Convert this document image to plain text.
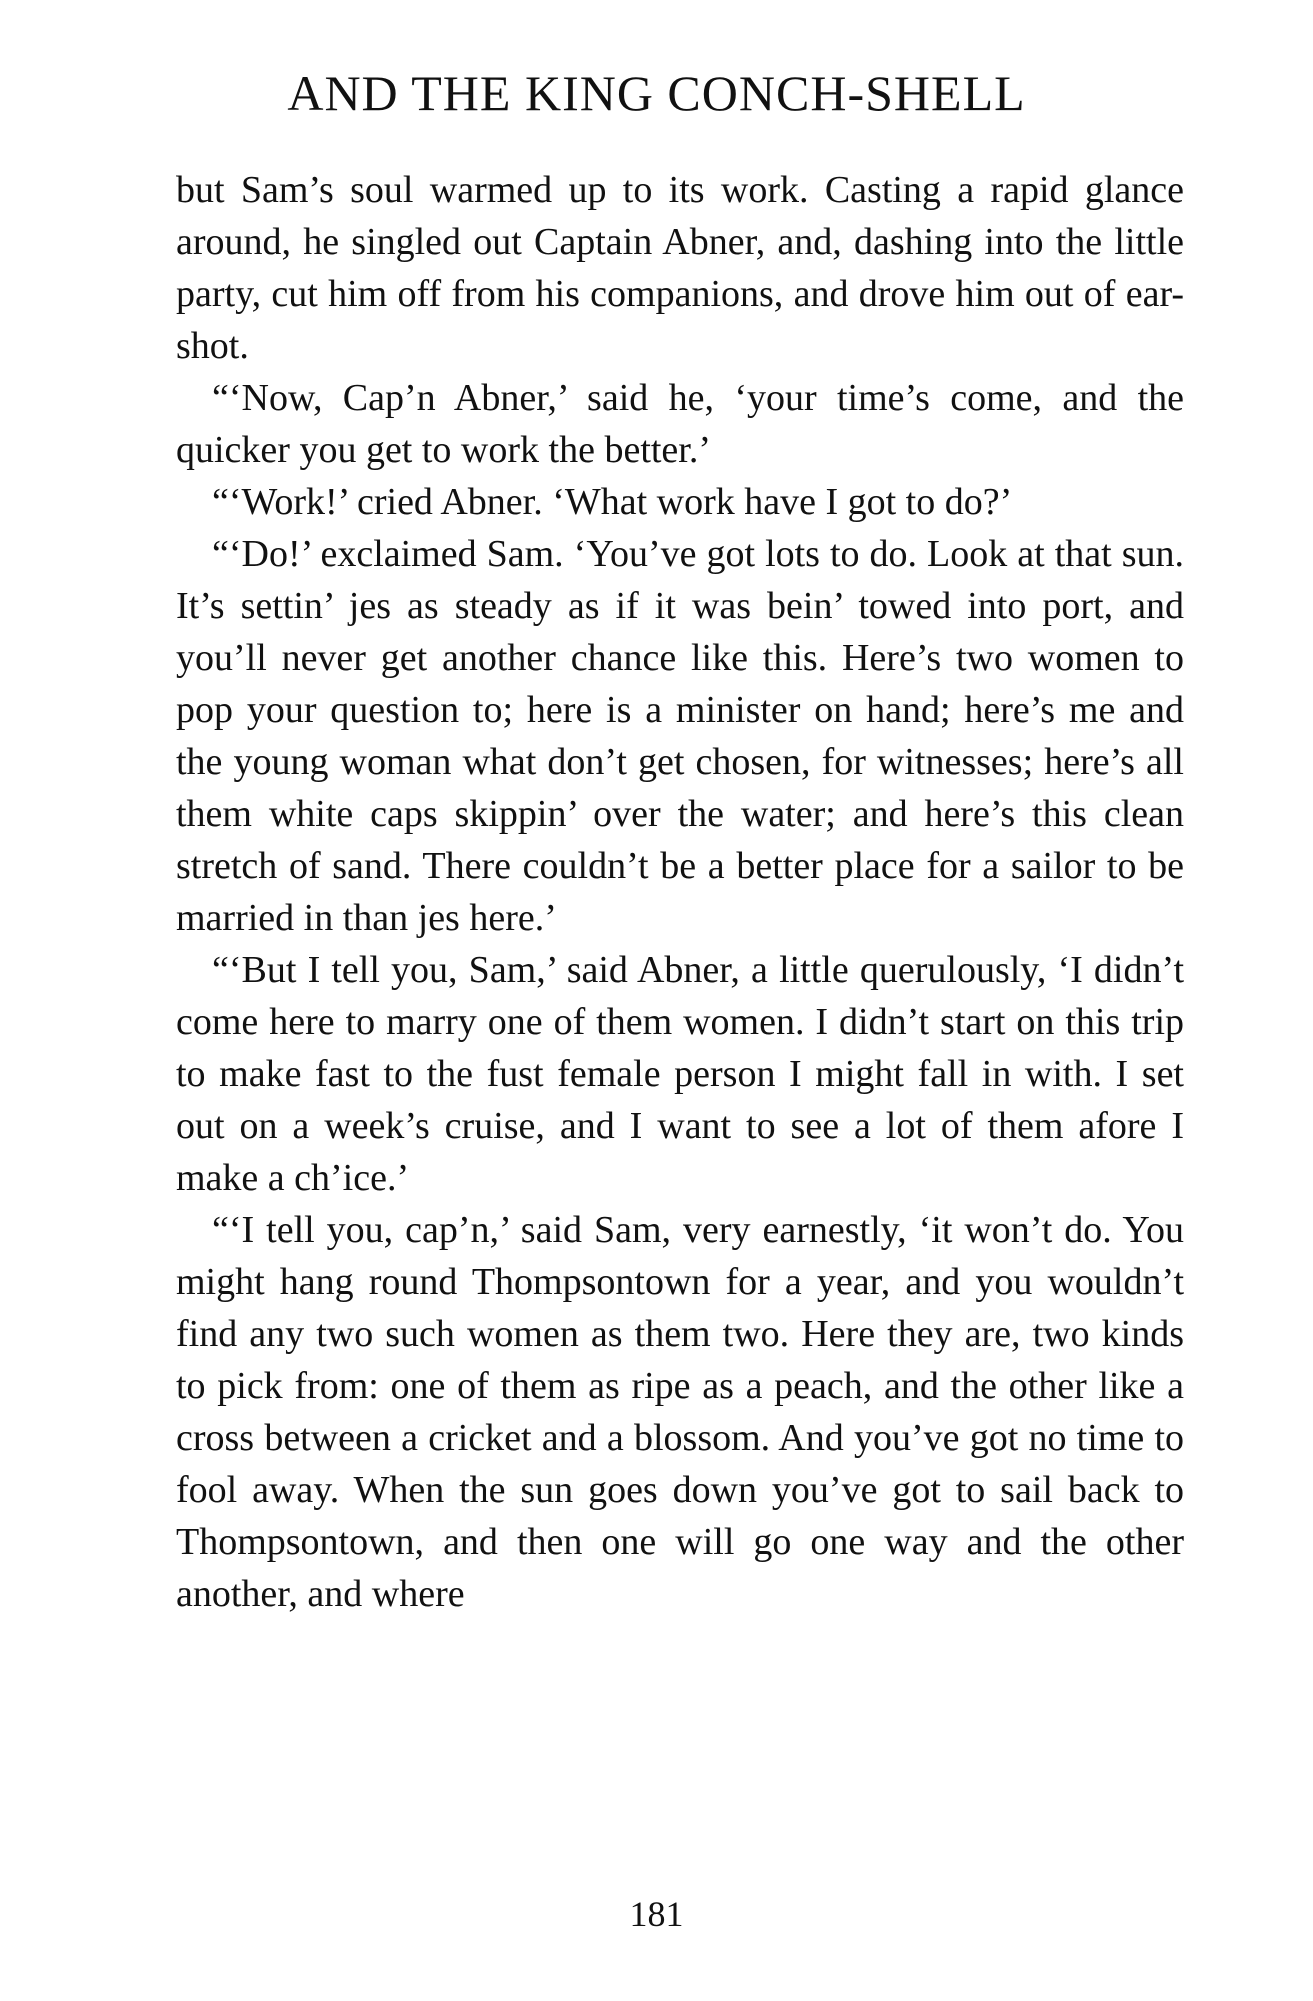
AND THE KING CONCH-SHELL

but Sam’s soul warmed up to its work. Casting a rapid glance around, he singled out Captain Abner, and, dashing into the little party, cut him off from his companions, and drove him out of ear-shot.

“‘Now, Cap’n Abner,’ said he, ‘your time’s come, and the quicker you get to work the better.’

“‘Work!’ cried Abner. ‘What work have I got to do?’

“‘Do!’ exclaimed Sam. ‘You’ve got lots to do. Look at that sun. It’s settin’ jes as steady as if it was bein’ towed into port, and you’ll never get another chance like this. Here’s two women to pop your question to; here is a minister on hand; here’s me and the young woman what don’t get chosen, for witnesses; here’s all them white caps skippin’ over the water; and here’s this clean stretch of sand. There couldn’t be a better place for a sailor to be married in than jes here.’

“‘But I tell you, Sam,’ said Abner, a little querulously, ‘I didn’t come here to marry one of them women. I didn’t start on this trip to make fast to the fust female person I might fall in with. I set out on a week’s cruise, and I want to see a lot of them afore I make a ch’ice.’

“‘I tell you, cap’n,’ said Sam, very earnestly, ‘it won’t do. You might hang round Thompsontown for a year, and you wouldn’t find any two such women as them two. Here they are, two kinds to pick from: one of them as ripe as a peach, and the other like a cross between a cricket and a blossom. And you’ve got no time to fool away. When the sun goes down you’ve got to sail back to Thompsontown, and then one will go one way and the other another, and where

181
